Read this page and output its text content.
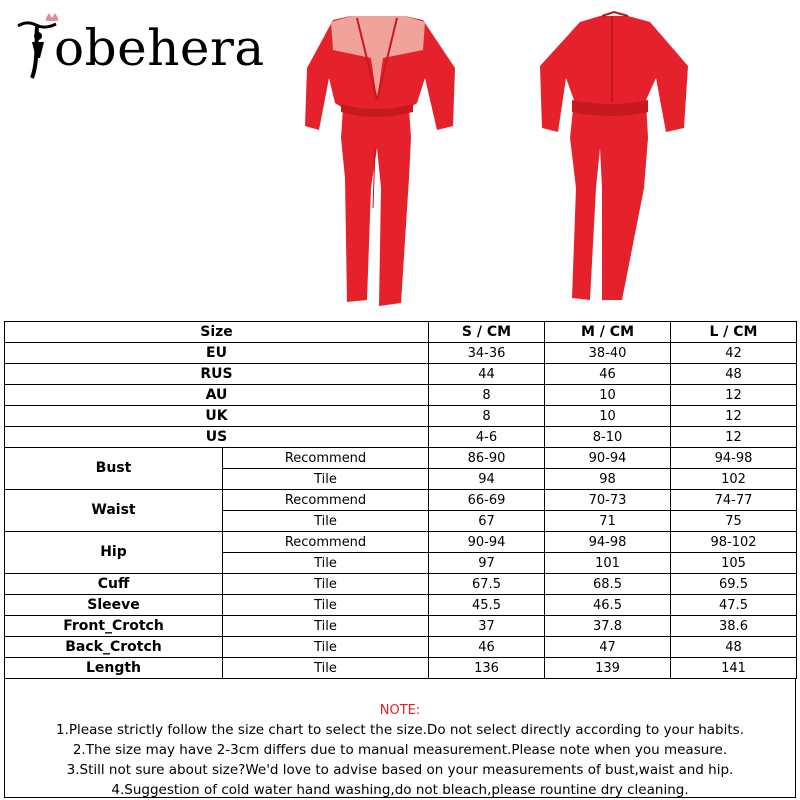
obehera
Size		S / CM	M / CM	L / CM
EU		34-36	38-40	42
RUS		44	46	48
AU		8	10	12
UK		8	10	12
US		4-6	8-10	12
Bust	Recommend	86-90	90-94	94-98
	Tile	94	98	102
Waist	Recommend	66-69	70-73	74-77
	Tile	67	71	75
Hip	Recommend	90-94	94-98	98-102
	Tile	97	101	105
Cuff	Tile	67.5	68.5	69.5
Sleeve	Tile	45.5	46.5	47.5
Front_Crotch	Tile	37	37.8	38.6
Back_Crotch	Tile	46	47	48
Length	Tile	136	139	141
NOTE:
1.Please strictly follow the size chart to select the size.Do not select directly according to your habits.
2.The size may have 2-3cm differs due to manual measurement.Please note when you measure.
3.Still not sure about size?We'd love to advise based on your measurements of bust,waist and hip.
4.Suggestion of cold water hand washing,do not bleach,please rountine dry cleaning.
